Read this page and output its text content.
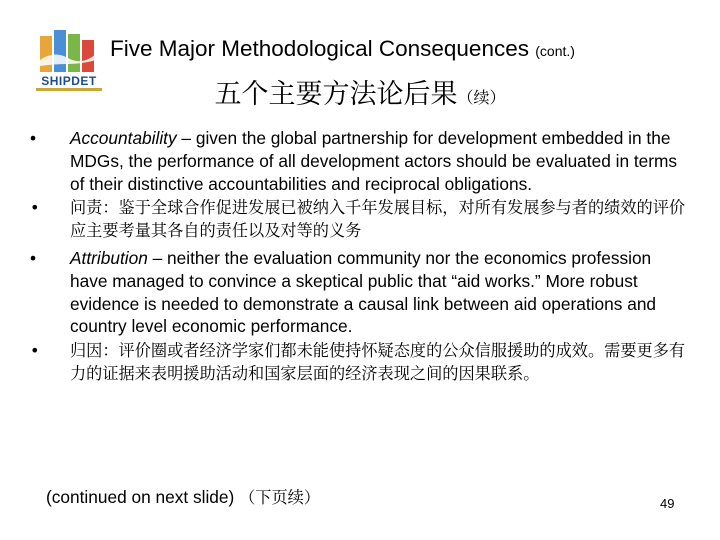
SHIPDET
Five Major Methodological Consequences (cont.)
五个主要方法论后果（续）

• Accountability – given the global partnership for development embedded in the MDGs, the performance of all development actors should be evaluated in terms of their distinctive accountabilities and reciprocal obligations.

• 问责：鉴于全球合作促进发展已被纳入千年发展目标，对所有发展参与者的绩效的评价应主要考量其各自的责任以及对等的义务

• Attribution – neither the evaluation community nor the economics profession have managed to convince a skeptical public that “aid works.” More robust evidence is needed to demonstrate a causal link between aid operations and country level economic performance.

• 归因：评价圈或者经济学家们都未能使持怀疑态度的公众信服援助的成效。需要更多有力的证据来表明援助活动和国家层面的经济表现之间的因果联系。

(continued on next slide) （下页续）	49
